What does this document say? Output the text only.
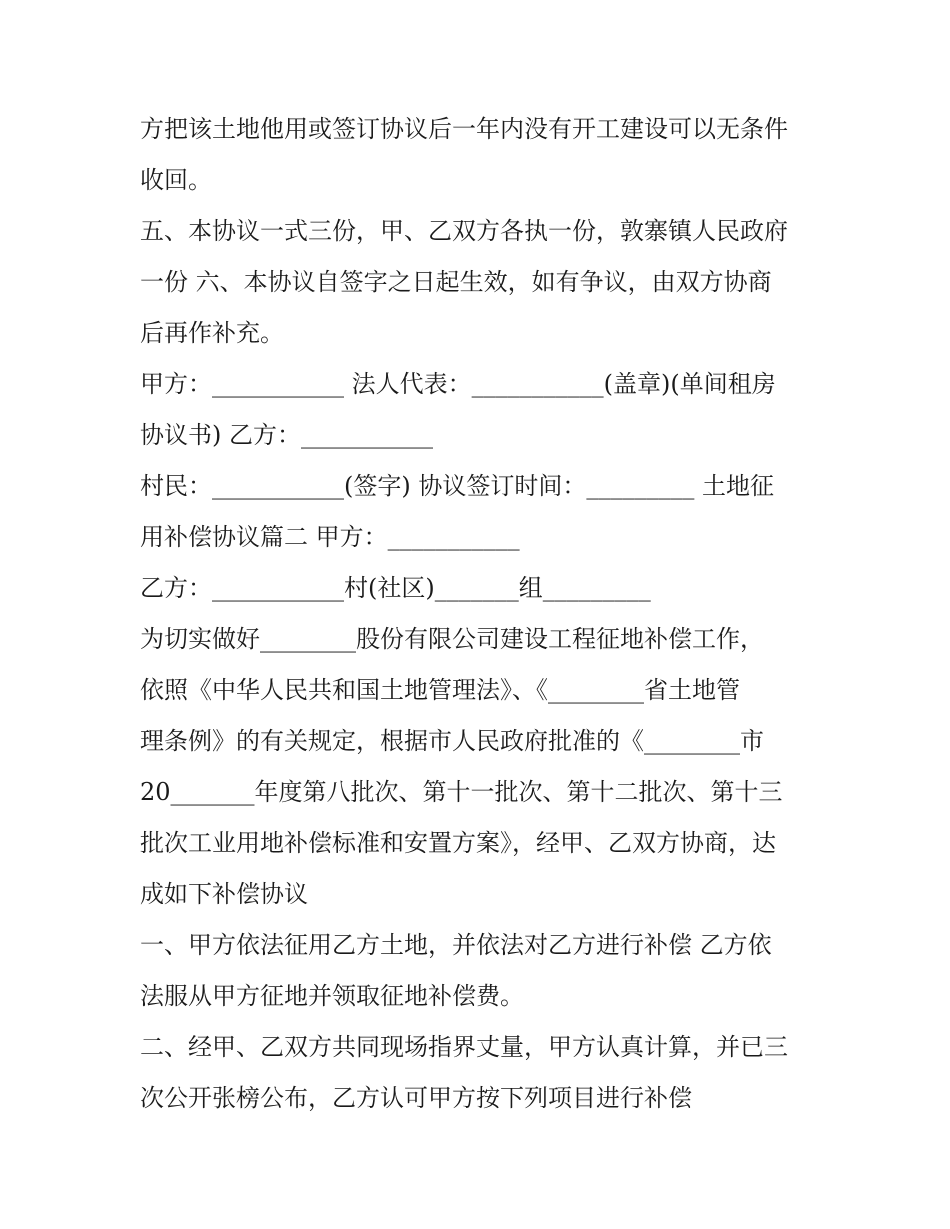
方把该土地他用或签订协议后一年内没有开工建设可以无条件
收回。
五、本协议一式三份，甲、乙双方各执一份，敦寨镇人民政府
一份 六、本协议自签字之日起生效，如有争议，由双方协商
后再作补充。
甲方：___________ 法人代表：___________(盖章)(单间租房
协议书) 乙方：___________
村民：___________(签字) 协议签订时间：_________ 土地征
用补偿协议篇二 甲方：___________
乙方：___________村(社区)_______组_________
为切实做好________股份有限公司建设工程征地补偿工作，
依照《中华人民共和国土地管理法》、《________省土地管
理条例》的有关规定，根据市人民政府批准的《________市
20_______年度第八批次、第十一批次、第十二批次、第十三
批次工业用地补偿标准和安置方案》，经甲、乙双方协商，达
成如下补偿协议
一、甲方依法征用乙方土地，并依法对乙方进行补偿 乙方依
法服从甲方征地并领取征地补偿费。
二、经甲、乙双方共同现场指界丈量，甲方认真计算，并已三
次公开张榜公布，乙方认可甲方按下列项目进行补偿
